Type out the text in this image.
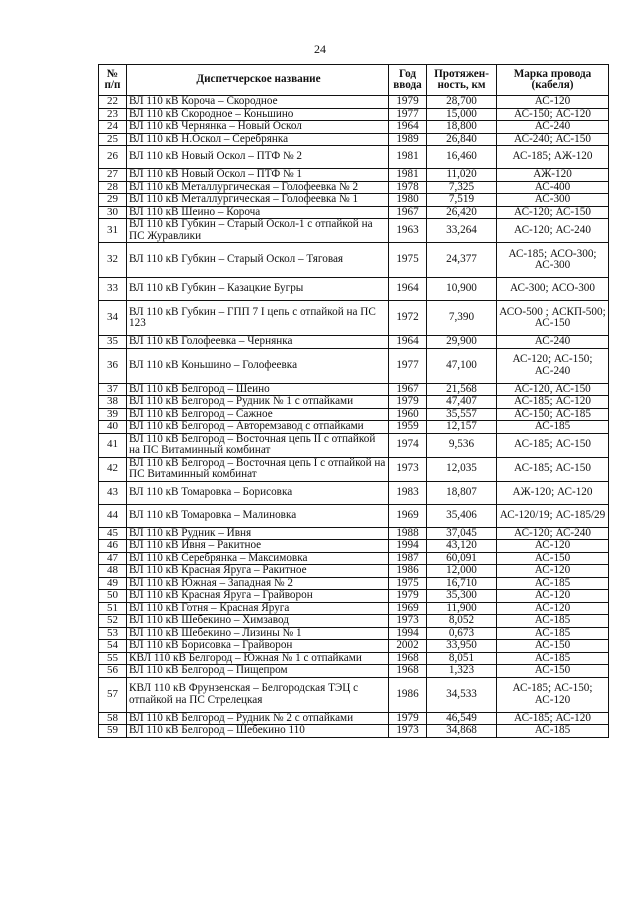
24
№ п/п	Диспетчерское название	Год ввода	Протяжен-ность, км	Марка провода (кабеля)
22	ВЛ 110 кВ Короча – Скородное	1979	28,700	АС-120
23	ВЛ 110 кВ Скородное – Коньшино	1977	15,000	АС-150; АС-120
24	ВЛ 110 кВ Чернянка – Новый Оскол	1964	18,800	АС-240
25	ВЛ 110 кВ Н.Оскол – Серебрянка	1989	26,840	АС-240; АС-150
26	ВЛ 110 кВ Новый Оскол – ПТФ № 2	1981	16,460	АС-185; АЖ-120
27	ВЛ 110 кВ Новый Оскол – ПТФ № 1	1981	11,020	АЖ-120
28	ВЛ 110 кВ Металлургическая – Голофеевка № 2	1978	7,325	АС-400
29	ВЛ 110 кВ Металлургическая – Голофеевка № 1	1980	7,519	АС-300
30	ВЛ 110 кВ Шеино – Короча	1967	26,420	АС-120; АС-150
31	ВЛ 110 кВ Губкин – Старый Оскол-1 с отпайкой на ПС Журавлики	1963	33,264	АС-120; АС-240
32	ВЛ 110 кВ Губкин – Старый Оскол – Тяговая	1975	24,377	АС-185; АСО-300; АС-300
33	ВЛ 110 кВ Губкин – Казацкие Бугры	1964	10,900	АС-300; АСО-300
34	ВЛ 110 кВ Губкин – ГПП 7 I цепь с отпайкой на ПС 123	1972	7,390	АСО-500 ; АСКП-500; АС-150
35	ВЛ 110 кВ Голофеевка – Чернянка	1964	29,900	АС-240
36	ВЛ 110 кВ Коньшино – Голофеевка	1977	47,100	АС-120; АС-150; АС-240
37	ВЛ 110 кВ Белгород – Шеино	1967	21,568	АС-120, АС-150
38	ВЛ 110 кВ Белгород – Рудник № 1 с отпайками	1979	47,407	АС-185; АС-120
39	ВЛ 110 кВ Белгород – Сажное	1960	35,557	АС-150; АС-185
40	ВЛ 110 кВ Белгород – Авторемзавод с отпайками	1959	12,157	АС-185
41	ВЛ 110 кВ Белгород – Восточная цепь II с отпайкой на ПС Витаминный комбинат	1974	9,536	АС-185; АС-150
42	ВЛ 110 кВ Белгород – Восточная цепь I с отпайкой на ПС Витаминный комбинат	1973	12,035	АС-185; АС-150
43	ВЛ 110 кВ Томаровка – Борисовка	1983	18,807	АЖ-120; АС-120
44	ВЛ 110 кВ Томаровка – Малиновка	1969	35,406	АС-120/19; АС-185/29
45	ВЛ 110 кВ Рудник – Ивня	1988	37,045	АС-120; АС-240
46	ВЛ 110 кВ Ивня – Ракитное	1994	43,120	АС-120
47	ВЛ 110 кВ Серебрянка – Максимовка	1987	60,091	АС-150
48	ВЛ 110 кВ Красная Яруга – Ракитное	1986	12,000	АС-120
49	ВЛ 110 кВ Южная – Западная № 2	1975	16,710	АС-185
50	ВЛ 110 кВ Красная Яруга – Грайворон	1979	35,300	АС-120
51	ВЛ 110 кВ Готня – Красная Яруга	1969	11,900	АС-120
52	ВЛ 110 кВ Шебекино – Химзавод	1973	8,052	АС-185
53	ВЛ 110 кВ Шебекино – Лизины № 1	1994	0,673	АС-185
54	ВЛ 110 кВ Борисовка – Грайворон	2002	33,950	АС-150
55	КВЛ 110 кВ Белгород – Южная № 1 с отпайками	1968	8,051	АС-185
56	ВЛ 110 кВ Белгород – Пищепром	1968	1,323	АС-150
57	КВЛ 110 кВ Фрунзенская – Белгородская ТЭЦ с отпайкой на ПС Стрелецкая	1986	34,533	АС-185; АС-150; АС-120
58	ВЛ 110 кВ Белгород – Рудник № 2 с отпайками	1979	46,549	АС-185; АС-120
59	ВЛ 110 кВ Белгород – Шебекино 110	1973	34,868	АС-185
